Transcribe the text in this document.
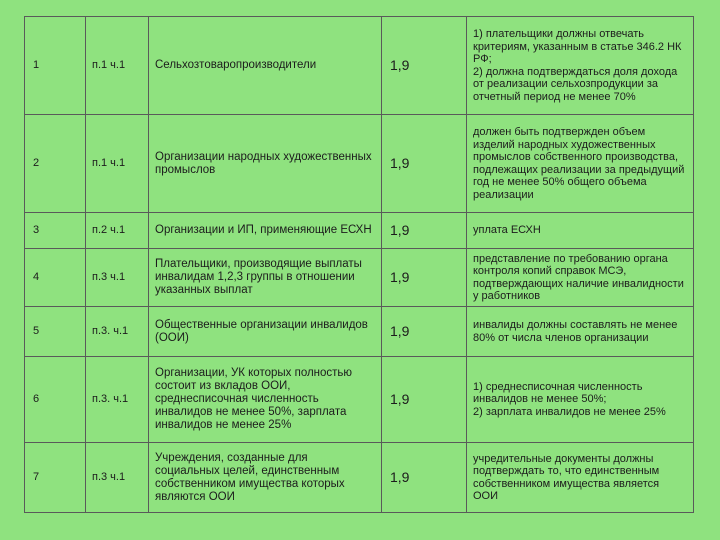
1	п.1 ч.1	Сельхозтоваропроизводители	1,9	1) плательщики должны отвечать критериям, указанным в статье 346.2 НК РФ;
2) должна подтверждаться доля дохода от реализации сельхозпродукции за отчетный период не менее 70%
2	п.1 ч.1	Организации народных художественных промыслов	1,9	должен быть подтвержден объем изделий народных художественных промыслов собственного производства, подлежащих реализации за предыдущий год не менее 50% общего объема реализации
3	п.2 ч.1	Организации и ИП, применяющие ЕСХН	1,9	уплата ЕСХН
4	п.3 ч.1	Плательщики, производящие выплаты инвалидам 1,2,3 группы в отношении указанных выплат	1,9	представление по требованию органа контроля копий справок МСЭ, подтверждающих наличие инвалидности у работников
5	п.3. ч.1	Общественные организации инвалидов (ООИ)	1,9	инвалиды должны составлять не менее 80% от числа членов организации
6	п.3. ч.1	Организации, УК которых полностью состоит из вкладов ООИ, среднесписочная численность инвалидов не менее 50%, зарплата инвалидов не менее 25%	1,9	1) среднесписочная численность инвалидов не менее 50%;
2) зарплата инвалидов не менее 25%
7	п.3 ч.1	Учреждения, созданные для социальных целей, единственным собственником имущества которых являются ООИ	1,9	учредительные документы должны подтверждать то, что единственным собственником имущества является ООИ
